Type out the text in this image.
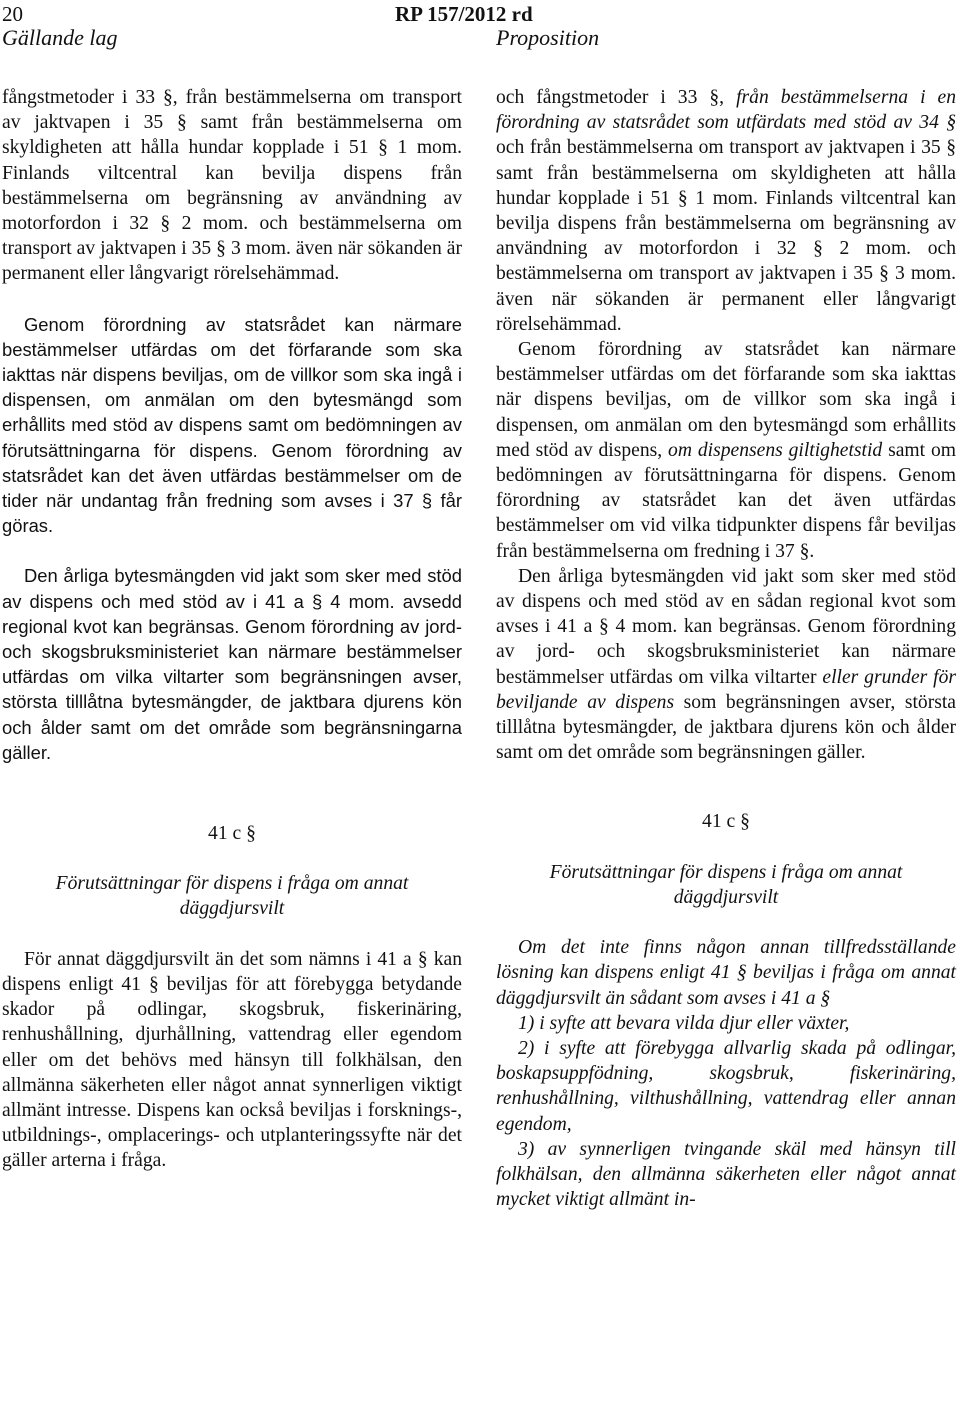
20	RP 157/2012 rd
Gällande lag	Proposition

fångstmetoder i 33 §, från bestämmelserna om transport av jaktvapen i 35 § samt från bestämmelserna om skyldigheten att hålla hundar kopplade i 51 § 1 mom. Finlands viltcentral kan bevilja dispens från bestämmelserna om begränsning av användning av motorfordon i 32 § 2 mom. och bestämmelserna om transport av jaktvapen i 35 § 3 mom. även när sökanden är permanent eller långvarigt rörelsehämmad.

Genom förordning av statsrådet kan närmare bestämmelser utfärdas om det förfarande som ska iakttas när dispens beviljas, om de villkor som ska ingå i dispensen, om anmälan om den bytesmängd som erhållits med stöd av dispens samt om bedömningen av förutsättningarna för dispens. Genom förordning av statsrådet kan det även utfärdas bestämmelser om de tider när undantag från fredning som avses i 37 § får göras.

Den årliga bytesmängden vid jakt som sker med stöd av dispens och med stöd av i 41 a § 4 mom. avsedd regional kvot kan begränsas. Genom förordning av jord- och skogsbruksministeriet kan närmare bestämmelser utfärdas om vilka viltarter som begränsningen avser, största tilllåtna bytesmängder, de jaktbara djurens kön och ålder samt om det område som begränsningarna gäller.

41 c §

Förutsättningar för dispens i fråga om annat däggdjursvilt

För annat däggdjursvilt än det som nämns i 41 a § kan dispens enligt 41 § beviljas för att förebygga betydande skador på odlingar, skogsbruk, fiskerinäring, renhushållning, djurhållning, vattendrag eller egendom eller om det behövs med hänsyn till folkhälsan, den allmänna säkerheten eller något annat synnerligen viktigt allmänt intresse. Dispens kan också beviljas i forsknings-, utbildnings-, omplacerings- och utplanteringssyfte när det gäller arterna i fråga.

och fångstmetoder i 33 §, från bestämmelserna i en förordning av statsrådet som utfärdats med stöd av 34 § och från bestämmelserna om transport av jaktvapen i 35 § samt från bestämmelserna om skyldigheten att hålla hundar kopplade i 51 § 1 mom. Finlands viltcentral kan bevilja dispens från bestämmelserna om begränsning av användning av motorfordon i 32 § 2 mom. och bestämmelserna om transport av jaktvapen i 35 § 3 mom. även när sökanden är permanent eller långvarigt rörelsehämmad.

Genom förordning av statsrådet kan närmare bestämmelser utfärdas om det förfarande som ska iakttas när dispens beviljas, om de villkor som ska ingå i dispensen, om anmälan om den bytesmängd som erhållits med stöd av dispens, om dispensens giltighetstid samt om bedömningen av förutsättningarna för dispens. Genom förordning av statsrådet kan det även utfärdas bestämmelser om vid vilka tidpunkter dispens får beviljas från bestämmelserna om fredning i 37 §.

Den årliga bytesmängden vid jakt som sker med stöd av dispens och med stöd av en sådan regional kvot som avses i 41 a § 4 mom. kan begränsas. Genom förordning av jord- och skogsbruksministeriet kan närmare bestämmelser utfärdas om vilka viltarter eller grunder för beviljande av dispens som begränsningen avser, största tilllåtna bytesmängder, de jaktbara djurens kön och ålder samt om det område som begränsningen gäller.

41 c §

Förutsättningar för dispens i fråga om annat däggdjursvilt

Om det inte finns någon annan tillfredsställande lösning kan dispens enligt 41 § beviljas i fråga om annat däggdjursvilt än sådant som avses i 41 a §

1) i syfte att bevara vilda djur eller växter,

2) i syfte att förebygga allvarlig skada på odlingar, boskapsuppfödning, skogsbruk, fiskerinäring, renhushållning, vilthushållning, vattendrag eller annan egendom,

3) av synnerligen tvingande skäl med hänsyn till folkhälsan, den allmänna säkerheten eller något annat mycket viktigt allmänt in-
